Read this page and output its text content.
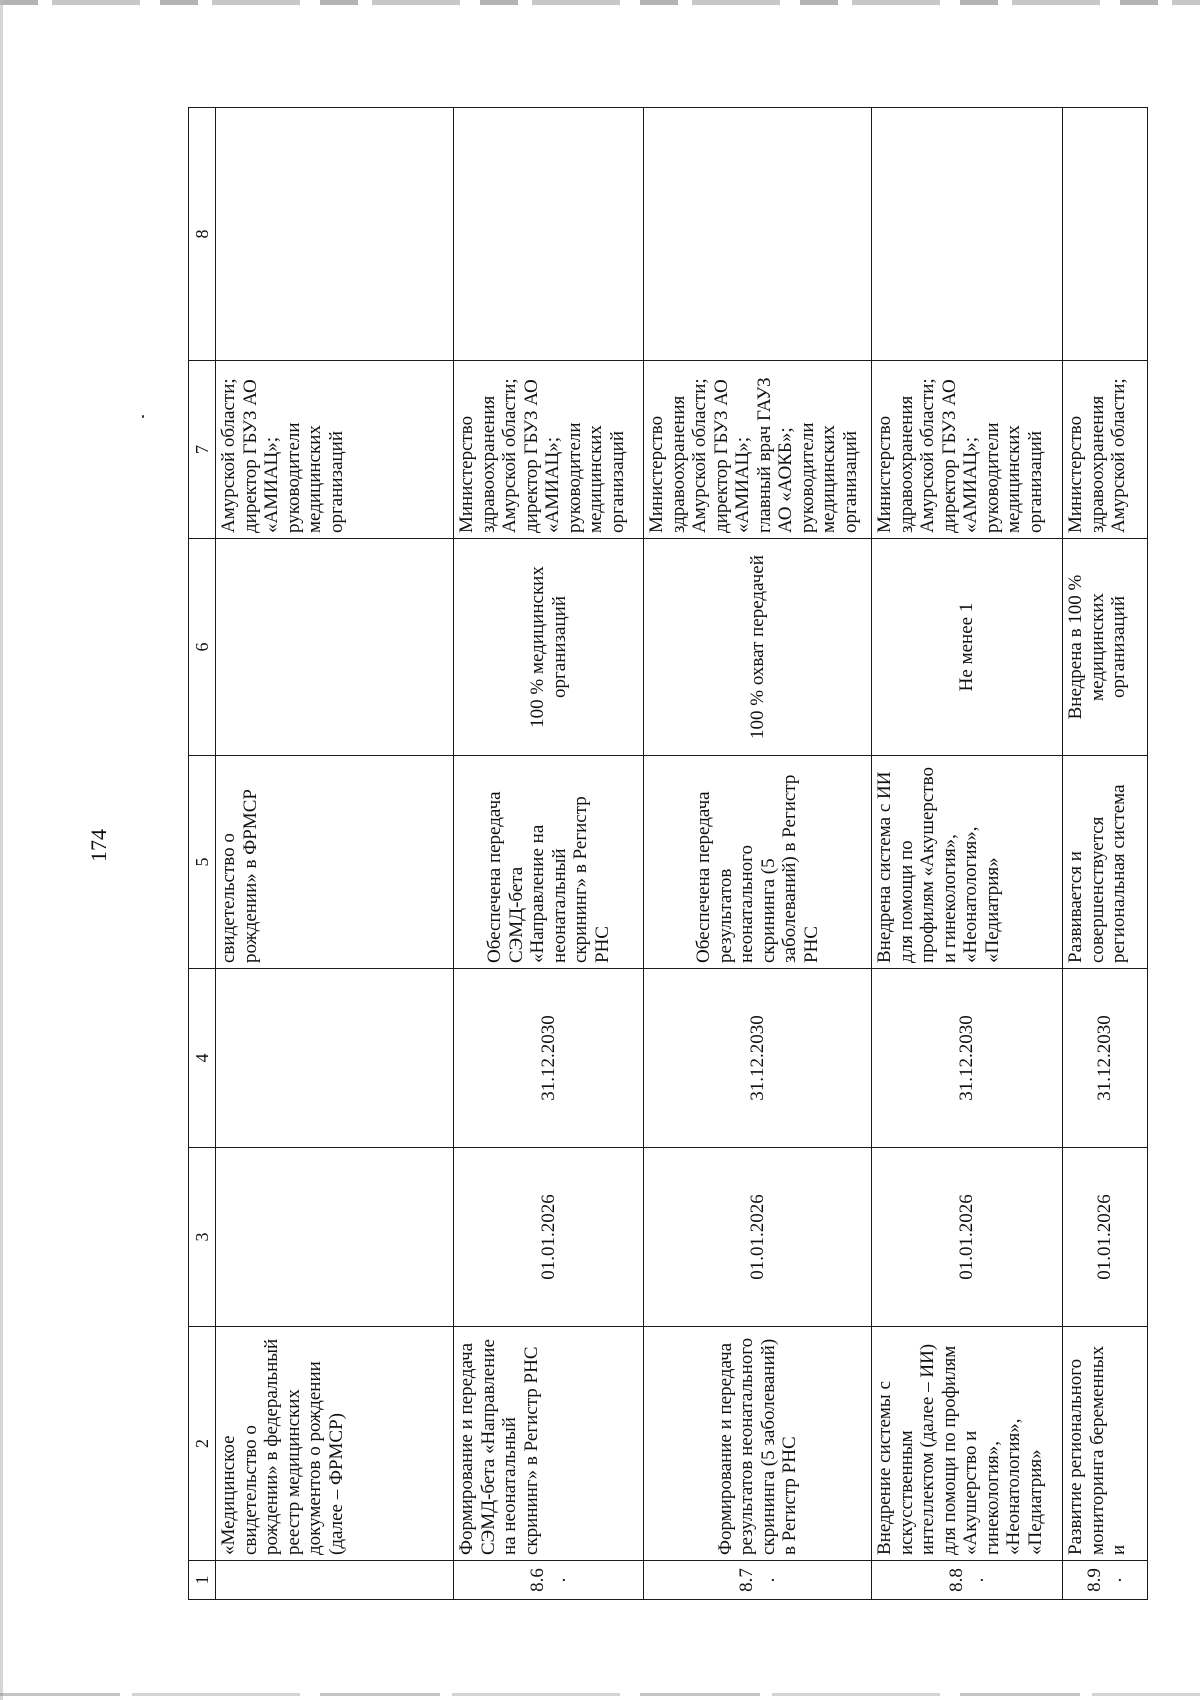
174
1	2	3	4	5	6	7	8
	«Медицинское свидетельство о рождении» в федеральный реестр медицинских документов о рождении (далее – ФРМСР)			свидетельство о рождении» в ФРМСР		Амурской области; директор ГБУЗ АО «АМИАЦ»; руководители медицинских организаций	
8.6.	Формирование и передача СЭМД-бета «Направление на неонатальный скрининг» в Регистр РНС	01.01.2026	31.12.2030	Обеспечена передача СЭМД-бета «Направление на неонатальный скрининг» в Регистр РНС	100 % медицинских организаций	Министерство здравоохранения Амурской области; директор ГБУЗ АО «АМИАЦ»; руководители медицинских организаций	
8.7.	Формирование и передача результатов неонатального скрининга (5 заболеваний) в Регистр РНС	01.01.2026	31.12.2030	Обеспечена передача результатов неонатального скрининга (5 заболеваний) в Регистр РНС	100 % охват передачей	Министерство здравоохранения Амурской области; директор ГБУЗ АО «АМИАЦ»; главный врач ГАУЗ АО «АОКБ»; руководители медицинских организаций	
8.8.	Внедрение системы с искусственным интеллектом (далее – ИИ) для помощи по профилям «Акушерство и гинекология», «Неонатология», «Педиатрия»	01.01.2026	31.12.2030	Внедрена система с ИИ для помощи по профилям «Акушерство и гинекология», «Неонатология», «Педиатрия»	Не менее 1	Министерство здравоохранения Амурской области; директор ГБУЗ АО «АМИАЦ»; руководители медицинских организаций	
8.9.	Развитие регионального мониторинга беременных и	01.01.2026	31.12.2030	Развивается и совершенствуется региональная система	Внедрена в 100 % медицинских организаций	Министерство здравоохранения Амурской области;	
